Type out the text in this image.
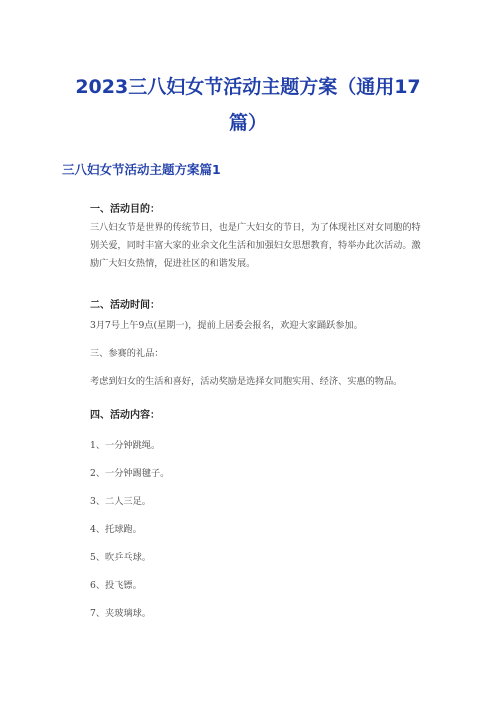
2023三八妇女节活动主题方案（通用17
篇）
三八妇女节活动主题方案篇1
一、活动目的：
三八妇女节是世界的传统节日，也是广大妇女的节日，为了体现社区对女同胞的特别关爱，同时丰富大家的业余文化生活和加强妇女思想教育，特举办此次活动。激励广大妇女热情，促进社区的和谐发展。
二、活动时间：
3月7号上午9点(星期一)，提前上居委会报名，欢迎大家踊跃参加。
三、参赛的礼品：
考虑到妇女的生活和喜好，活动奖励是选择女同胞实用、经济、实惠的物品。
四、活动内容：
1、一分钟跳绳。
2、一分钟踢毽子。
3、二人三足。
4、托球跑。
5、吹乒乓球。
6、投飞镖。
7、夹玻璃球。
